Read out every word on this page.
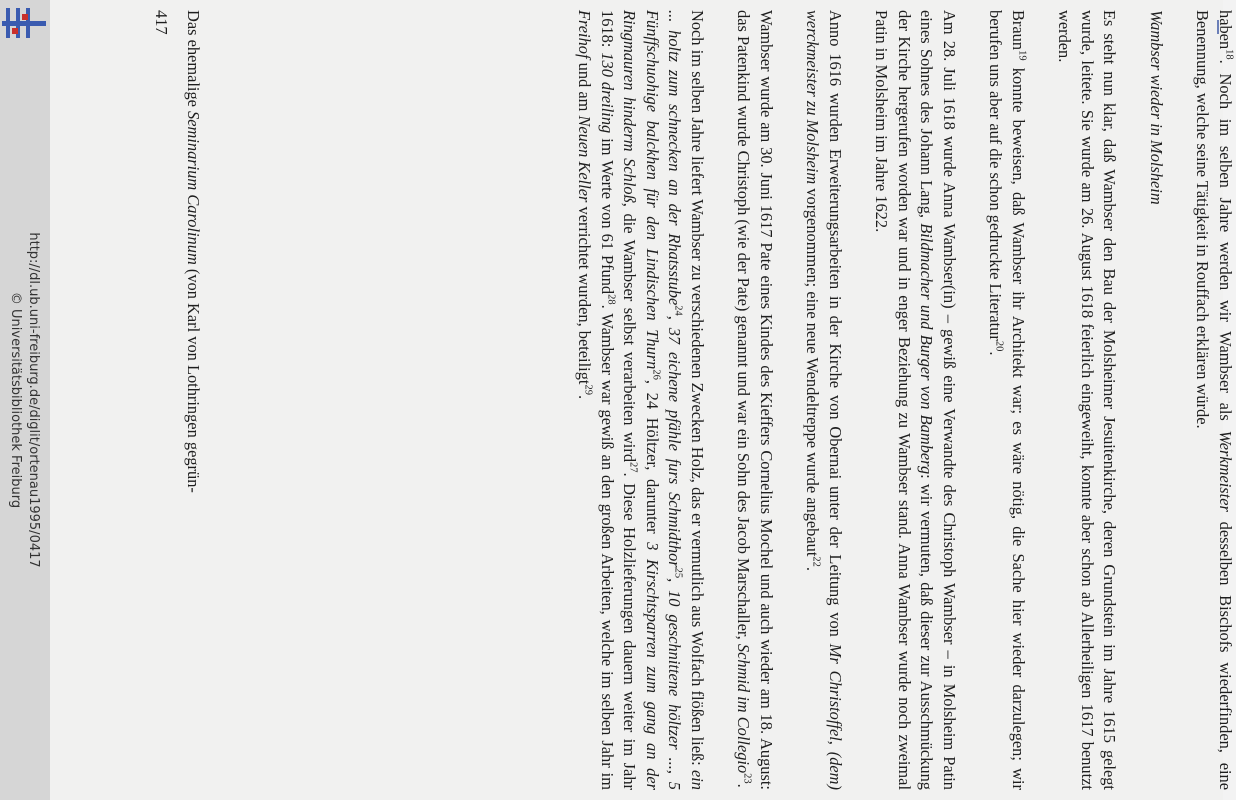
http://dl.ub.uni-freiburg.de/diglit/ortenau1995/0417
© Universitätsbibliothek Freiburg
haben$^{18}$. Noch im selben Jahre werden wir Wambser als Werkmeister desselben Bischofs wiederfinden, eine Benennung, welche seine Tätigkeit in Rouffach erklären würde.
Wambser wieder in Molsheim
Es steht nun klar, daß Wambser den Bau der Molsheimer Jesuitenkirche, deren Grundstein im Jahre 1615 gelegt wurde, leitete. Sie wurde am 26. August 1618 feierlich eingeweiht, konnte aber schon ab Allerheiligen 1617 benutzt werden.
Braun$^{19}$ konnte beweisen, daß Wambser ihr Architekt war; es wäre nötig, die Sache hier wieder darzulegen; wir berufen uns aber auf die schon gedruckte Literatur$^{20}$.
Am 28. Juli 1618 wurde Anna Wambser(in) – gewiß eine Verwandte des Christoph Wambser – in Molsheim Patin eines Sohnes des Johann Lang, Bildmacher und Burger von Bamberg: wir vermuten, daß dieser zur Ausschmückung der Kirche hergerufen worden war und in enger Beziehung zu Wambser stand. Anna Wambser wurde noch zweimal Patin in Molsheim im Jahre 1622.
Anno 1616 wurden Erweiterungsarbeiten in der Kirche von Obernai unter der Leitung von Mr Christoffel, (dem) werckmeister zu Molsheim vorgenommen; eine neue Wendeltreppe wurde angebaut$^{22}$.
Wambser wurde am 30. Juni 1617 Pate eines Kindes des Kieffers Cornelius Mochel und auch wieder am 18. August: das Patenkind wurde Christoph (wie der Pate) genannt und war ein Sohn des Jacob Marschaller, Schmid im Collegio$^{23}$.
Noch im selben Jahre liefert Wambser zu verschiedenen Zwecken Holz, das er vermutlich aus Wolfach flößen ließ: ein ... holtz zum schnecken an der Rhatsstube$^{24}$, 37 eichene pfähle furs Schmidthor$^{25}$, 10 geschnittene höltzer ..., 5 Fünffschuohige balckhen für den Lindischen Thurn$^{26}$, 24 Höltzer, darunter 3 Kirschtsparren zum gang an der Ringmauren hinderm Schloß, die Wambser selbst verarbeiten wird$^{27}$. Diese Holzlieferungen dauern weiter im Jahr 1618: 130 dreiling im Werte von 61 Pfund$^{28}$. Wambser war gewiß an den großen Arbeiten, welche im selben Jahr im Freihof und am Neuen Keller verrichtet wurden, beteiligt$^{29}$.
Das ehemalige Seminarium Carolinum (von Karl von Lothringen gegrün-
417
